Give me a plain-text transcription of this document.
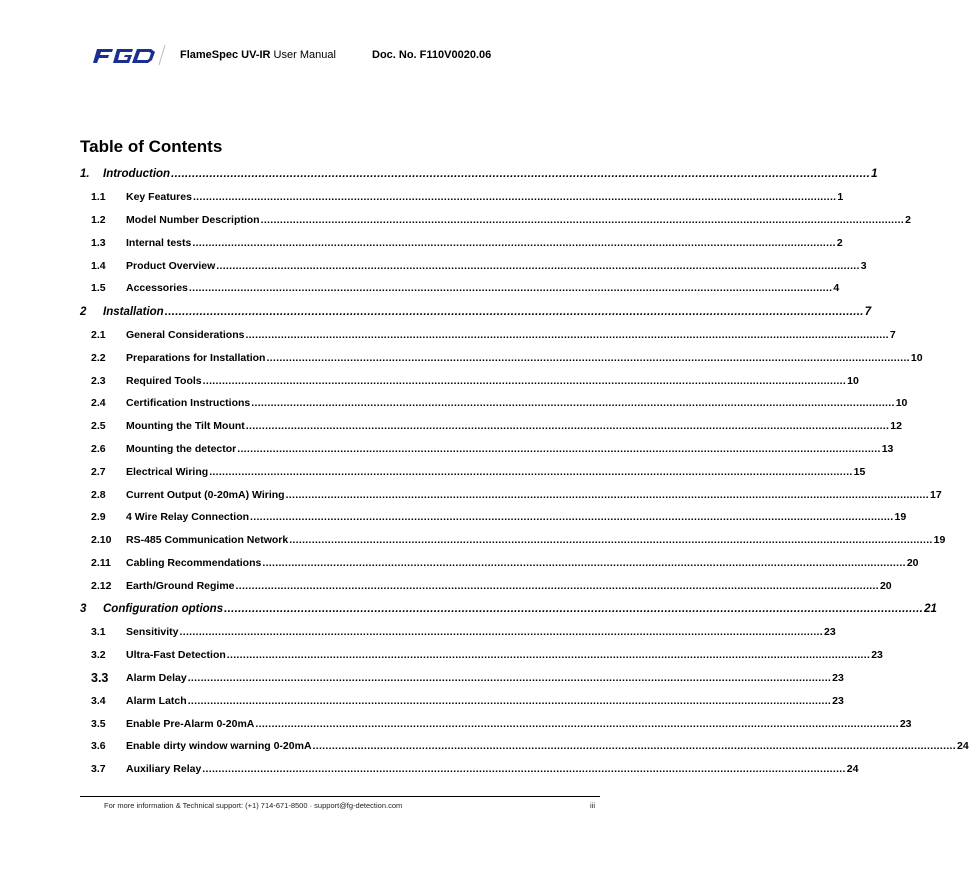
FlameSpec UV-IR User Manual	Doc. No. F110V0020.06
Table of Contents
1.	Introduction ........................................................................................................................................................................................................ 1
1.1	Key Features ........................................................................................................................................................................................................ 1
1.2	Model Number Description ........................................................................................................................................................................................................ 2
1.3	Internal tests ........................................................................................................................................................................................................ 2
1.4	Product Overview ........................................................................................................................................................................................................ 3
1.5	Accessories ........................................................................................................................................................................................................ 4
2	Installation ........................................................................................................................................................................................................ 7
2.1	General Considerations ........................................................................................................................................................................................................ 7
2.2	Preparations for Installation ........................................................................................................................................................................................................ 10
2.3	Required Tools ........................................................................................................................................................................................................ 10
2.4	Certification Instructions ........................................................................................................................................................................................................ 10
2.5	Mounting the Tilt Mount ........................................................................................................................................................................................................ 12
2.6	Mounting the detector ........................................................................................................................................................................................................ 13
2.7	Electrical Wiring ........................................................................................................................................................................................................ 15
2.8	Current Output (0-20mA) Wiring ........................................................................................................................................................................................................ 17
2.9	4 Wire Relay Connection ........................................................................................................................................................................................................ 19
2.10	RS-485 Communication Network ........................................................................................................................................................................................................ 19
2.11	Cabling Recommendations ........................................................................................................................................................................................................ 20
2.12	Earth/Ground Regime ........................................................................................................................................................................................................ 20
3	Configuration options ........................................................................................................................................................................................................ 21
3.1	Sensitivity ........................................................................................................................................................................................................ 23
3.2	Ultra-Fast Detection ........................................................................................................................................................................................................ 23
3.3	Alarm Delay ........................................................................................................................................................................................................ 23
3.4	Alarm Latch ........................................................................................................................................................................................................ 23
3.5	Enable Pre-Alarm 0-20mA ........................................................................................................................................................................................................ 23
3.6	Enable dirty window warning 0-20mA ........................................................................................................................................................................................................ 24
3.7	Auxiliary Relay ........................................................................................................................................................................................................ 24
For more information & Technical support: (+1) 714-671-8500 · support@fg-detection.com	iii
